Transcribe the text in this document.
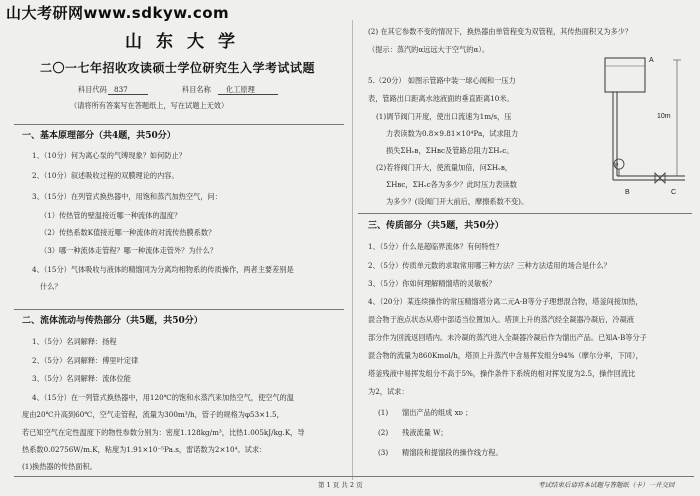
山大考研网www.sdkyw.com
山东大学
二〇一七年招收攻读硕士学位研究生入学考试试题
科目代码 837	科目名称 化工原理
（请将所有答案写在答题纸上，写在试题上无效）
一、基本原理部分（共4题，共50分）
1、（10分）何为离心泵的气缚现象？如何防止？
2、（10分）叙述吸收过程的双膜理论的内容。
3、（15分）在列管式换热器中，用饱和蒸汽加热空气，问：
（1）传热管的壁温接近哪一种流体的温度？
（2）传热系数K值接近哪一种流体的对流传热膜系数？
（3）哪一种流体走管程？哪一种流体走管外？为什么？
4、（15分）气体吸收与液体的精馏同为分离均相物系的传质操作，两者主要差别是
什么？
二、流体流动与传热部分（共5题，共50分）
1、（5分）名词解释：扬程
2、（5分）名词解释：傅里叶定律
3、（5分）名词解释：流体位能
4、（15分）在一列管式换热器中，用120℃的饱和水蒸汽来加热空气，使空气的温
度由20℃升高到60℃，空气走管程，流量为300m³/h，管子的规格为φ53×1.5，
若已知空气在定性温度下的物性参数分别为：密度1.128kg/m³，比热1.005kJ/kg.K，导
热系数0.02756W/m.K，粘度为1.91×10⁻⁵Pa.s，雷诺数为2×10⁴。试求：
(1)换热器的传热面积。
(2) 在其它参数不变的情况下，换热器由单管程变为双管程，其传热面积又为多少？
（提示：蒸汽的α远远大于空气的α）。
5.（20分） 如图示管路中装一球心阀和一压力
表，管路出口距离水池液面的垂直距离10米。
(1)调节阀门开度，使出口流速为1m/s，压
力表读数为0.8×9.81×10⁴Pa，试求阻力
损失ΣHᵥʙ，ΣHʙc及管路总阻力ΣHᵥc。
(2)若将阀门开大，使流量加倍，问ΣHᵥʙ，
ΣHʙc，ΣHᵥc各为多少？此时压力表读数
为多少？(设阀门开大前后，摩擦系数不变)。
A
P
B	C
10m
三、传质部分（共5题，共50分）
1、（5分）什么是超临界流体？有何特性？
2、（5分）传质单元数的求取常用哪三种方法？三种方法适用的场合是什么？
3、（5分）你如何理解精馏塔的灵敏板？
4、（20分）某连续操作的常压精馏塔分离二元A-B等分子理想混合物，塔釜间接加热，
混合物于泡点状态从塔中部适当位置加入。塔顶上升的蒸汽经全凝器冷凝后，冷凝液
部分作为回流返回塔内。未冷凝的蒸汽进入全凝器冷凝后作为馏出产品。已知A-B等分子
混合物的流量为860Kmol/h，塔顶上升蒸汽中含易挥发组分94%（摩尔分率，下同），
塔釜残液中易挥发组分不高于5%，操作条件下系统的相对挥发度为2.5，操作回流比
为2，试求：
(1) 馏出产品的组成 xᴅ ；
(2) 残液流量 W；
(3) 精馏段和提馏段的操作线方程。
第 1 页 共 2 页	考试结束后请将本试题与答题纸（卡）一并交回
